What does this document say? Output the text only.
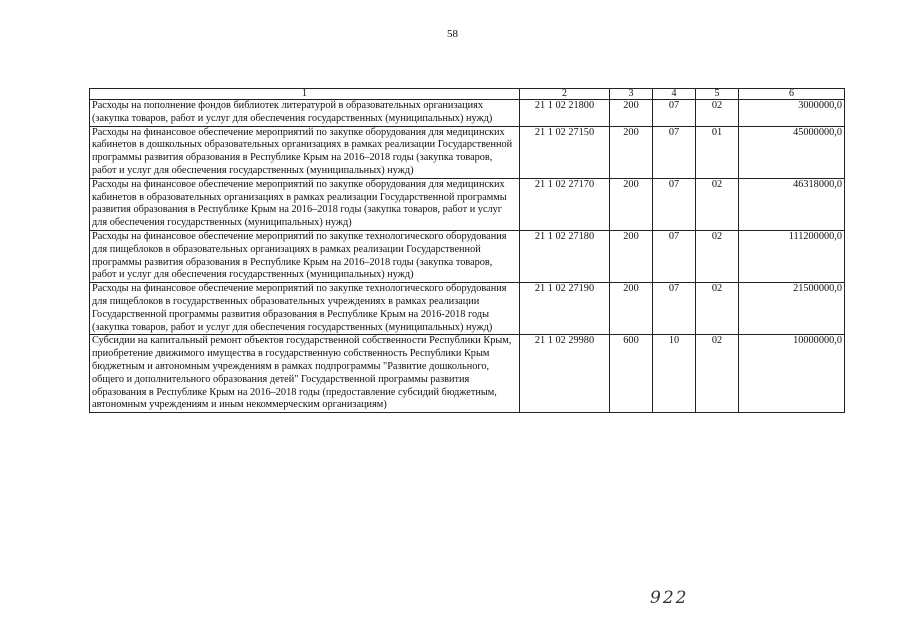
58
1	2	3	4	5	6
Расходы на пополнение фондов библиотек литературой в образовательных организациях (закупка товаров, работ и услуг для обеспечения государственных (муниципальных) нужд)	21 1 02 21800	200	07	02	3000000,0
Расходы на финансовое обеспечение мероприятий по закупке оборудования для медицинских кабинетов в дошкольных образовательных организациях в рамках реализации Государственной программы развития образования в Республике Крым на 2016–2018 годы (закупка товаров, работ и услуг для обеспечения государственных (муниципальных) нужд)	21 1 02 27150	200	07	01	45000000,0
Расходы на финансовое обеспечение мероприятий по закупке оборудования для медицинских кабинетов в образовательных организациях в рамках реализации Государственной программы развития образования в Республике Крым на 2016–2018 годы (закупка товаров, работ и услуг для обеспечения государственных (муниципальных) нужд)	21 1 02 27170	200	07	02	46318000,0
Расходы на финансовое обеспечение мероприятий по закупке технологического оборудования для пищеблоков в образовательных организациях в рамках реализации Государственной программы развития образования в Республике Крым на 2016–2018 годы (закупка товаров, работ и услуг для обеспечения государственных (муниципальных) нужд)	21 1 02 27180	200	07	02	111200000,0
Расходы на финансовое обеспечение мероприятий по закупке технологического оборудования для пищеблоков в государственных образовательных учреждениях в рамках реализации Государственной программы развития образования в Республике Крым на 2016-2018 годы (закупка товаров, работ и услуг для обеспечения государственных (муниципальных) нужд)	21 1 02 27190	200	07	02	21500000,0
Субсидии на капитальный ремонт объектов государственной собственности Республики Крым, приобретение движимого имущества в государственную собственность Республики Крым бюджетным и автономным учреждениям в рамках подпрограммы "Развитие дошкольного, общего и дополнительного образования детей" Государственной программы развития образования в Республике Крым на 2016–2018 годы (предоставление субсидий бюджетным, автономным учреждениям и иным некоммерческим организациям)	21 1 02 29980	600	10	02	10000000,0
922
